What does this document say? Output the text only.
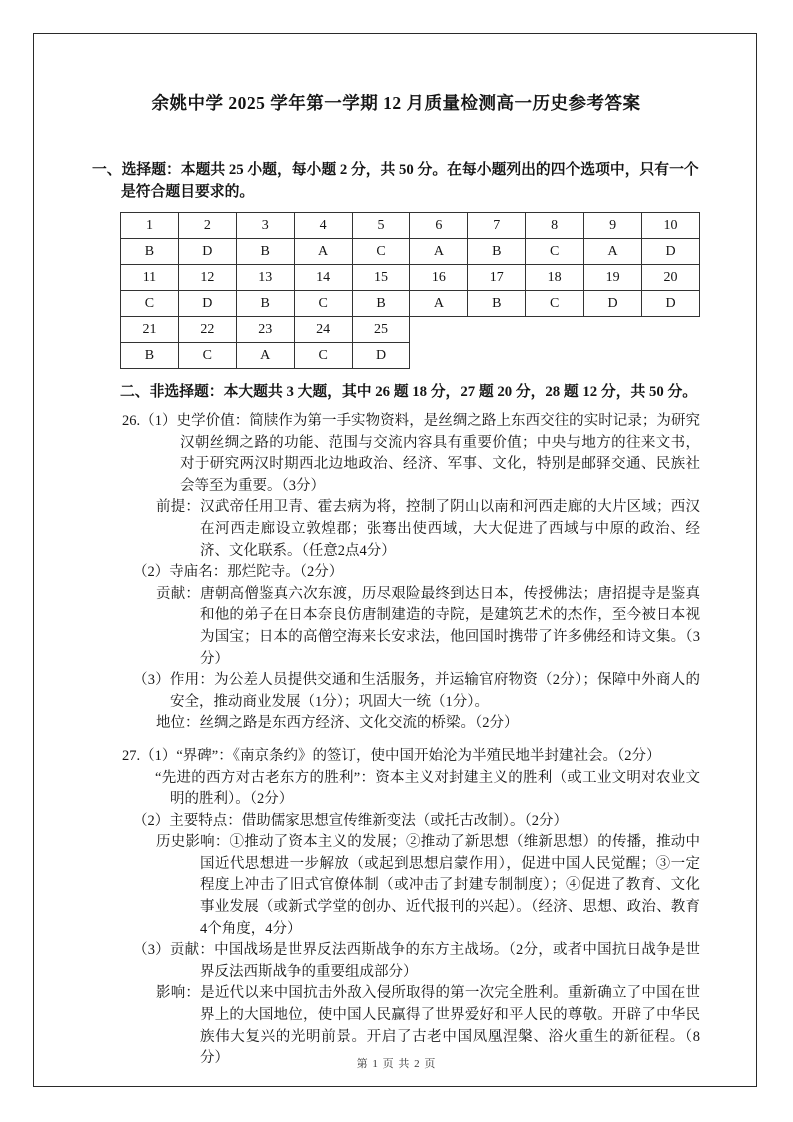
余姚中学 2025 学年第一学期 12 月质量检测高一历史参考答案

一、选择题：本题共 25 小题，每小题 2 分，共 50 分。在每小题列出的四个选项中，只有一个是符合题目要求的。

1	2	3	4	5	6	7	8	9	10
B	D	B	A	C	A	B	C	A	D
11	12	13	14	15	16	17	18	19	20
C	D	B	C	B	A	B	C	D	D
21	22	23	24	25					
B	C	A	C	D					

二、非选择题：本大题共 3 大题，其中 26 题 18 分，27 题 20 分，28 题 12 分，共 50 分。

26.（1）史学价值：简牍作为第一手实物资料，是丝绸之路上东西交往的实时记录；为研究汉朝丝绸之路的功能、范围与交流内容具有重要价值；中央与地方的往来文书，对于研究两汉时期西北边地政治、经济、军事、文化，特别是邮驿交通、民族社会等至为重要。（3分）

前提：汉武帝任用卫青、霍去病为将，控制了阴山以南和河西走廊的大片区域；西汉在河西走廊设立敦煌郡；张骞出使西域，大大促进了西域与中原的政治、经济、文化联系。（任意2点4分）

（2）寺庙名：那烂陀寺。（2分）

贡献：唐朝高僧鉴真六次东渡，历尽艰险最终到达日本，传授佛法；唐招提寺是鉴真和他的弟子在日本奈良仿唐制建造的寺院，是建筑艺术的杰作，至今被日本视为国宝；日本的高僧空海来长安求法，他回国时携带了许多佛经和诗文集。（3分）

（3）作用：为公差人员提供交通和生活服务，并运输官府物资（2分）；保障中外商人的安全，推动商业发展（1分）；巩固大一统（1分）。

地位：丝绸之路是东西方经济、文化交流的桥梁。（2分）

27.（1）“界碑”：《南京条约》的签订，使中国开始沦为半殖民地半封建社会。（2分）

“先进的西方对古老东方的胜利”：资本主义对封建主义的胜利（或工业文明对农业文明的胜利）。（2分）

（2）主要特点：借助儒家思想宣传维新变法（或托古改制）。（2分）

历史影响：①推动了资本主义的发展；②推动了新思想（维新思想）的传播，推动中国近代思想进一步解放（或起到思想启蒙作用），促进中国人民觉醒；③一定程度上冲击了旧式官僚体制（或冲击了封建专制制度）；④促进了教育、文化事业发展（或新式学堂的创办、近代报刊的兴起）。（经济、思想、政治、教育4个角度，4分）

（3）贡献：中国战场是世界反法西斯战争的东方主战场。（2分，或者中国抗日战争是世界反法西斯战争的重要组成部分）

影响：是近代以来中国抗击外敌入侵所取得的第一次完全胜利。重新确立了中国在世界上的大国地位，使中国人民赢得了世界爱好和平人民的尊敬。开辟了中华民族伟大复兴的光明前景。开启了古老中国凤凰涅槃、浴火重生的新征程。（8分）	第 1 页 共 2 页
